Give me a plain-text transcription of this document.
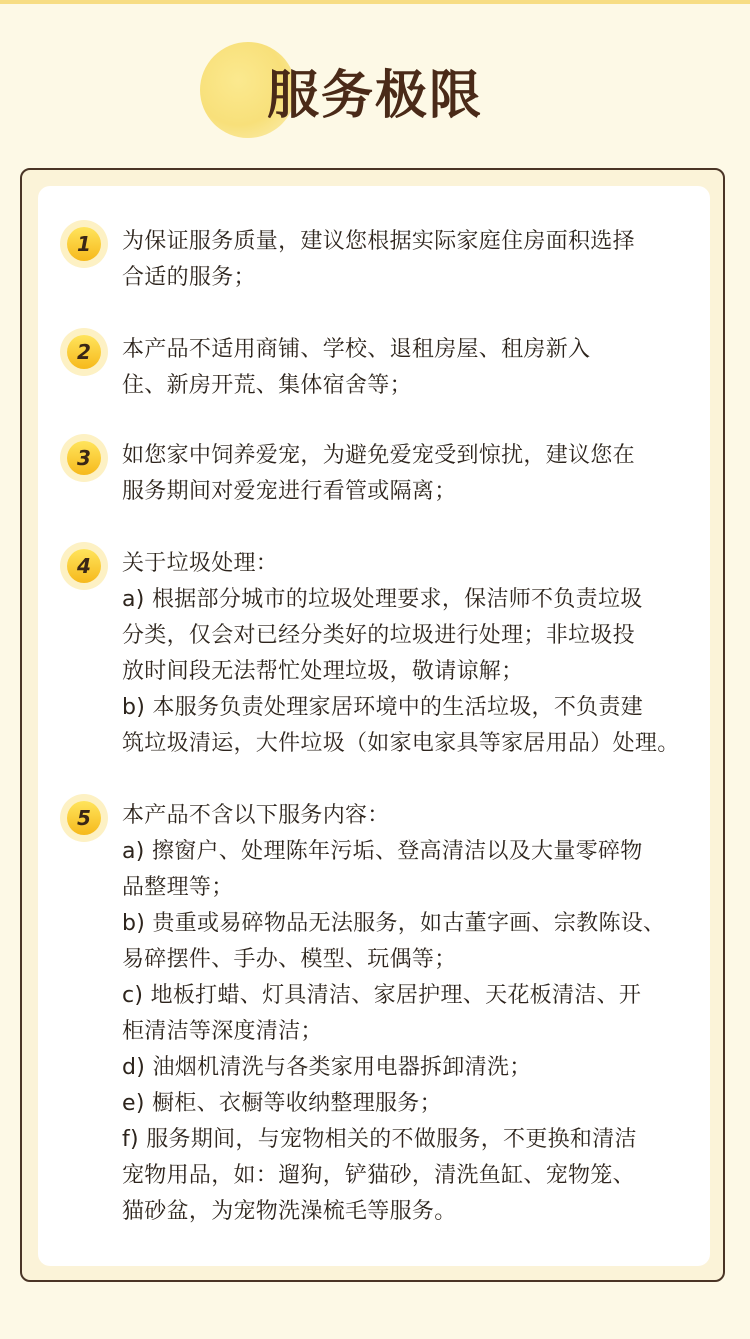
服务极限
1	为保证服务质量，建议您根据实际家庭住房面积选择
合适的服务；
2	本产品不适用商铺、学校、退租房屋、租房新入
住、新房开荒、集体宿舍等；
3	如您家中饲养爱宠，为避免爱宠受到惊扰，建议您在
服务期间对爱宠进行看管或隔离；
4	关于垃圾处理：
a) 根据部分城市的垃圾处理要求，保洁师不负责垃圾
分类，仅会对已经分类好的垃圾进行处理；非垃圾投
放时间段无法帮忙处理垃圾，敬请谅解；
b) 本服务负责处理家居环境中的生活垃圾，不负责建
筑垃圾清运，大件垃圾（如家电家具等家居用品）处理。
5	本产品不含以下服务内容：
a) 擦窗户、处理陈年污垢、登高清洁以及大量零碎物
品整理等；
b) 贵重或易碎物品无法服务，如古董字画、宗教陈设、
易碎摆件、手办、模型、玩偶等；
c) 地板打蜡、灯具清洁、家居护理、天花板清洁、开
柜清洁等深度清洁；
d) 油烟机清洗与各类家用电器拆卸清洗；
e) 橱柜、衣橱等收纳整理服务；
f) 服务期间，与宠物相关的不做服务，不更换和清洁
宠物用品，如：遛狗，铲猫砂，清洗鱼缸、宠物笼、
猫砂盆，为宠物洗澡梳毛等服务。
